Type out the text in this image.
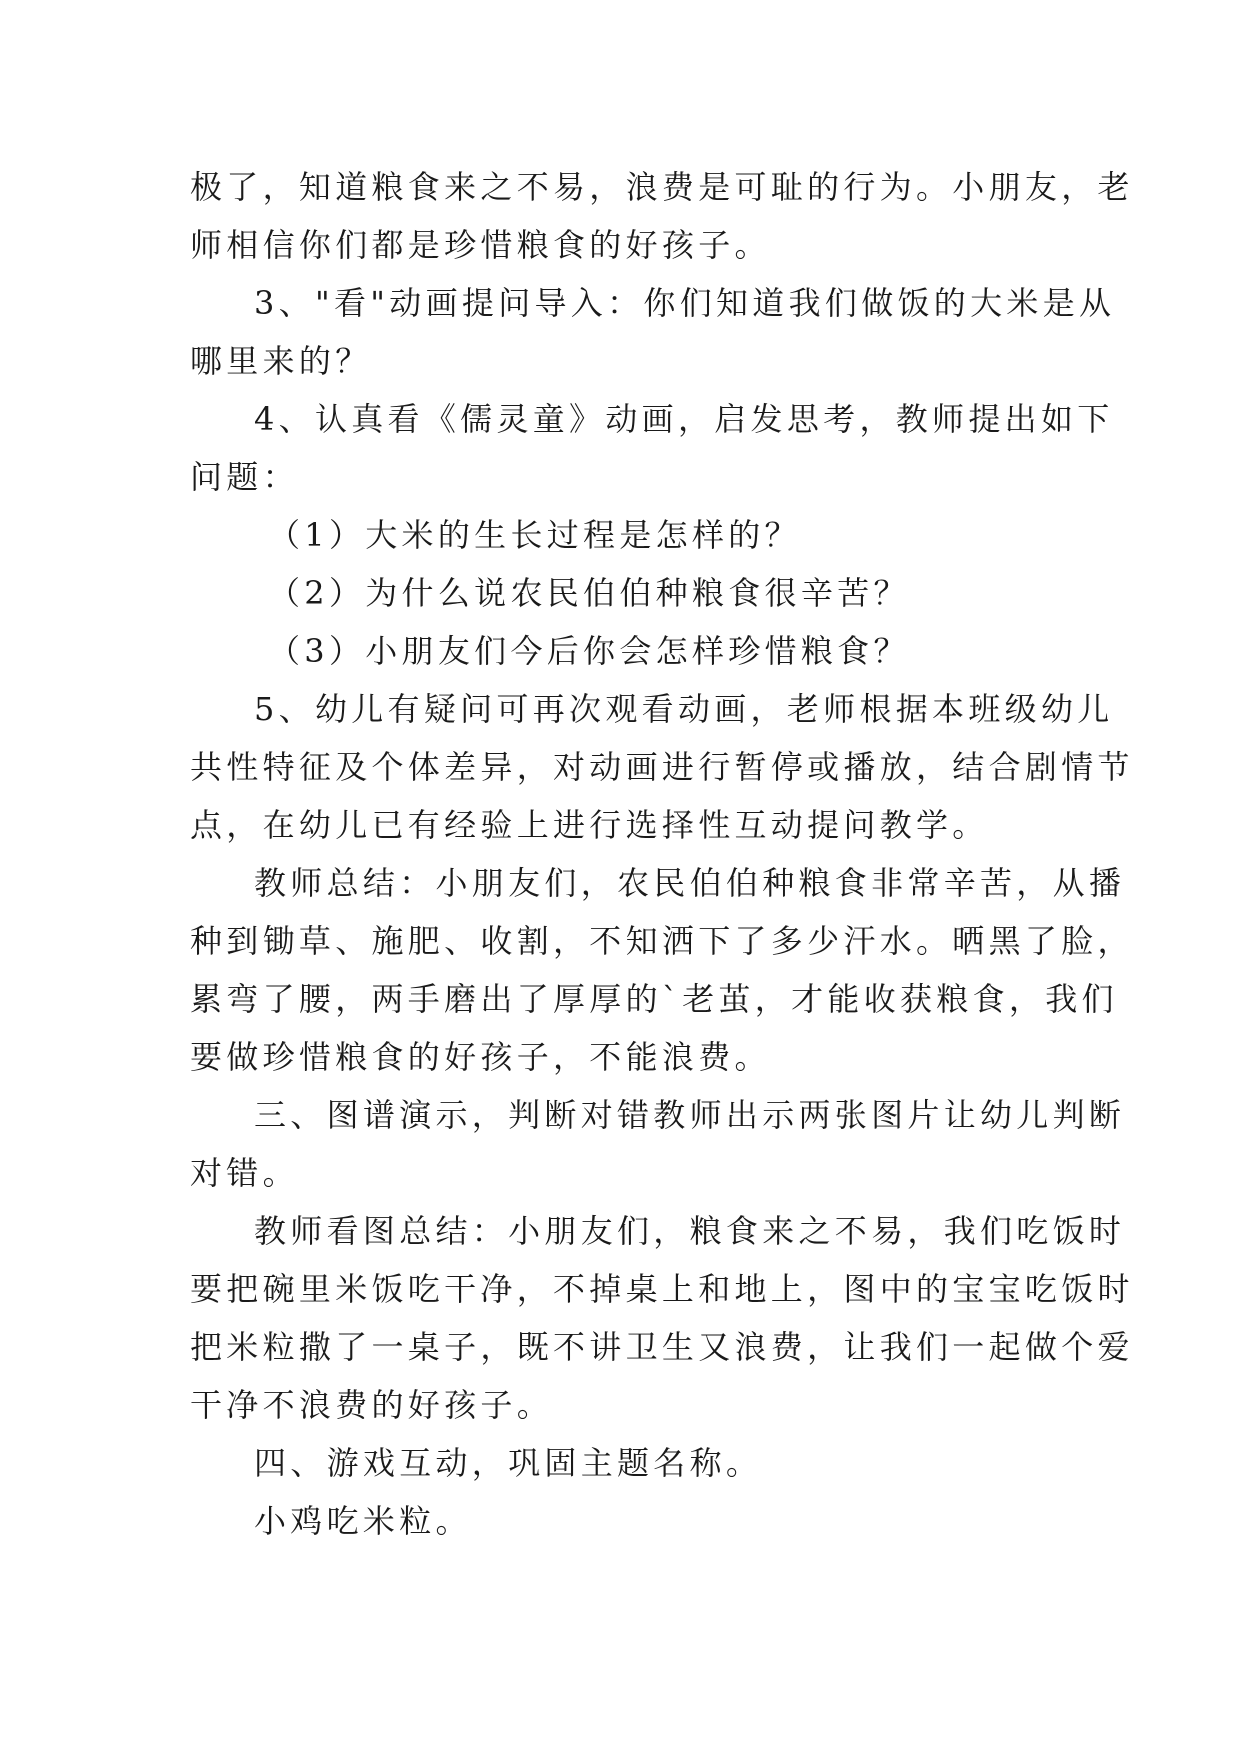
极了，知道粮食来之不易，浪费是可耻的行为。小朋友，老
师相信你们都是珍惜粮食的好孩子。
3、"看"动画提问导入：你们知道我们做饭的大米是从
哪里来的？
4、认真看《儒灵童》动画，启发思考，教师提出如下
问题：
（1）大米的生长过程是怎样的？
（2）为什么说农民伯伯种粮食很辛苦？
（3）小朋友们今后你会怎样珍惜粮食？
5、幼儿有疑问可再次观看动画，老师根据本班级幼儿
共性特征及个体差异，对动画进行暂停或播放，结合剧情节
点，在幼儿已有经验上进行选择性互动提问教学。
教师总结：小朋友们，农民伯伯种粮食非常辛苦，从播
种到锄草、施肥、收割，不知洒下了多少汗水。晒黑了脸，
累弯了腰，两手磨出了厚厚的`老茧，才能收获粮食，我们
要做珍惜粮食的好孩子，不能浪费。
三、图谱演示，判断对错教师出示两张图片让幼儿判断
对错。
教师看图总结：小朋友们，粮食来之不易，我们吃饭时
要把碗里米饭吃干净，不掉桌上和地上，图中的宝宝吃饭时
把米粒撒了一桌子，既不讲卫生又浪费，让我们一起做个爱
干净不浪费的好孩子。
四、游戏互动，巩固主题名称。
小鸡吃米粒。
